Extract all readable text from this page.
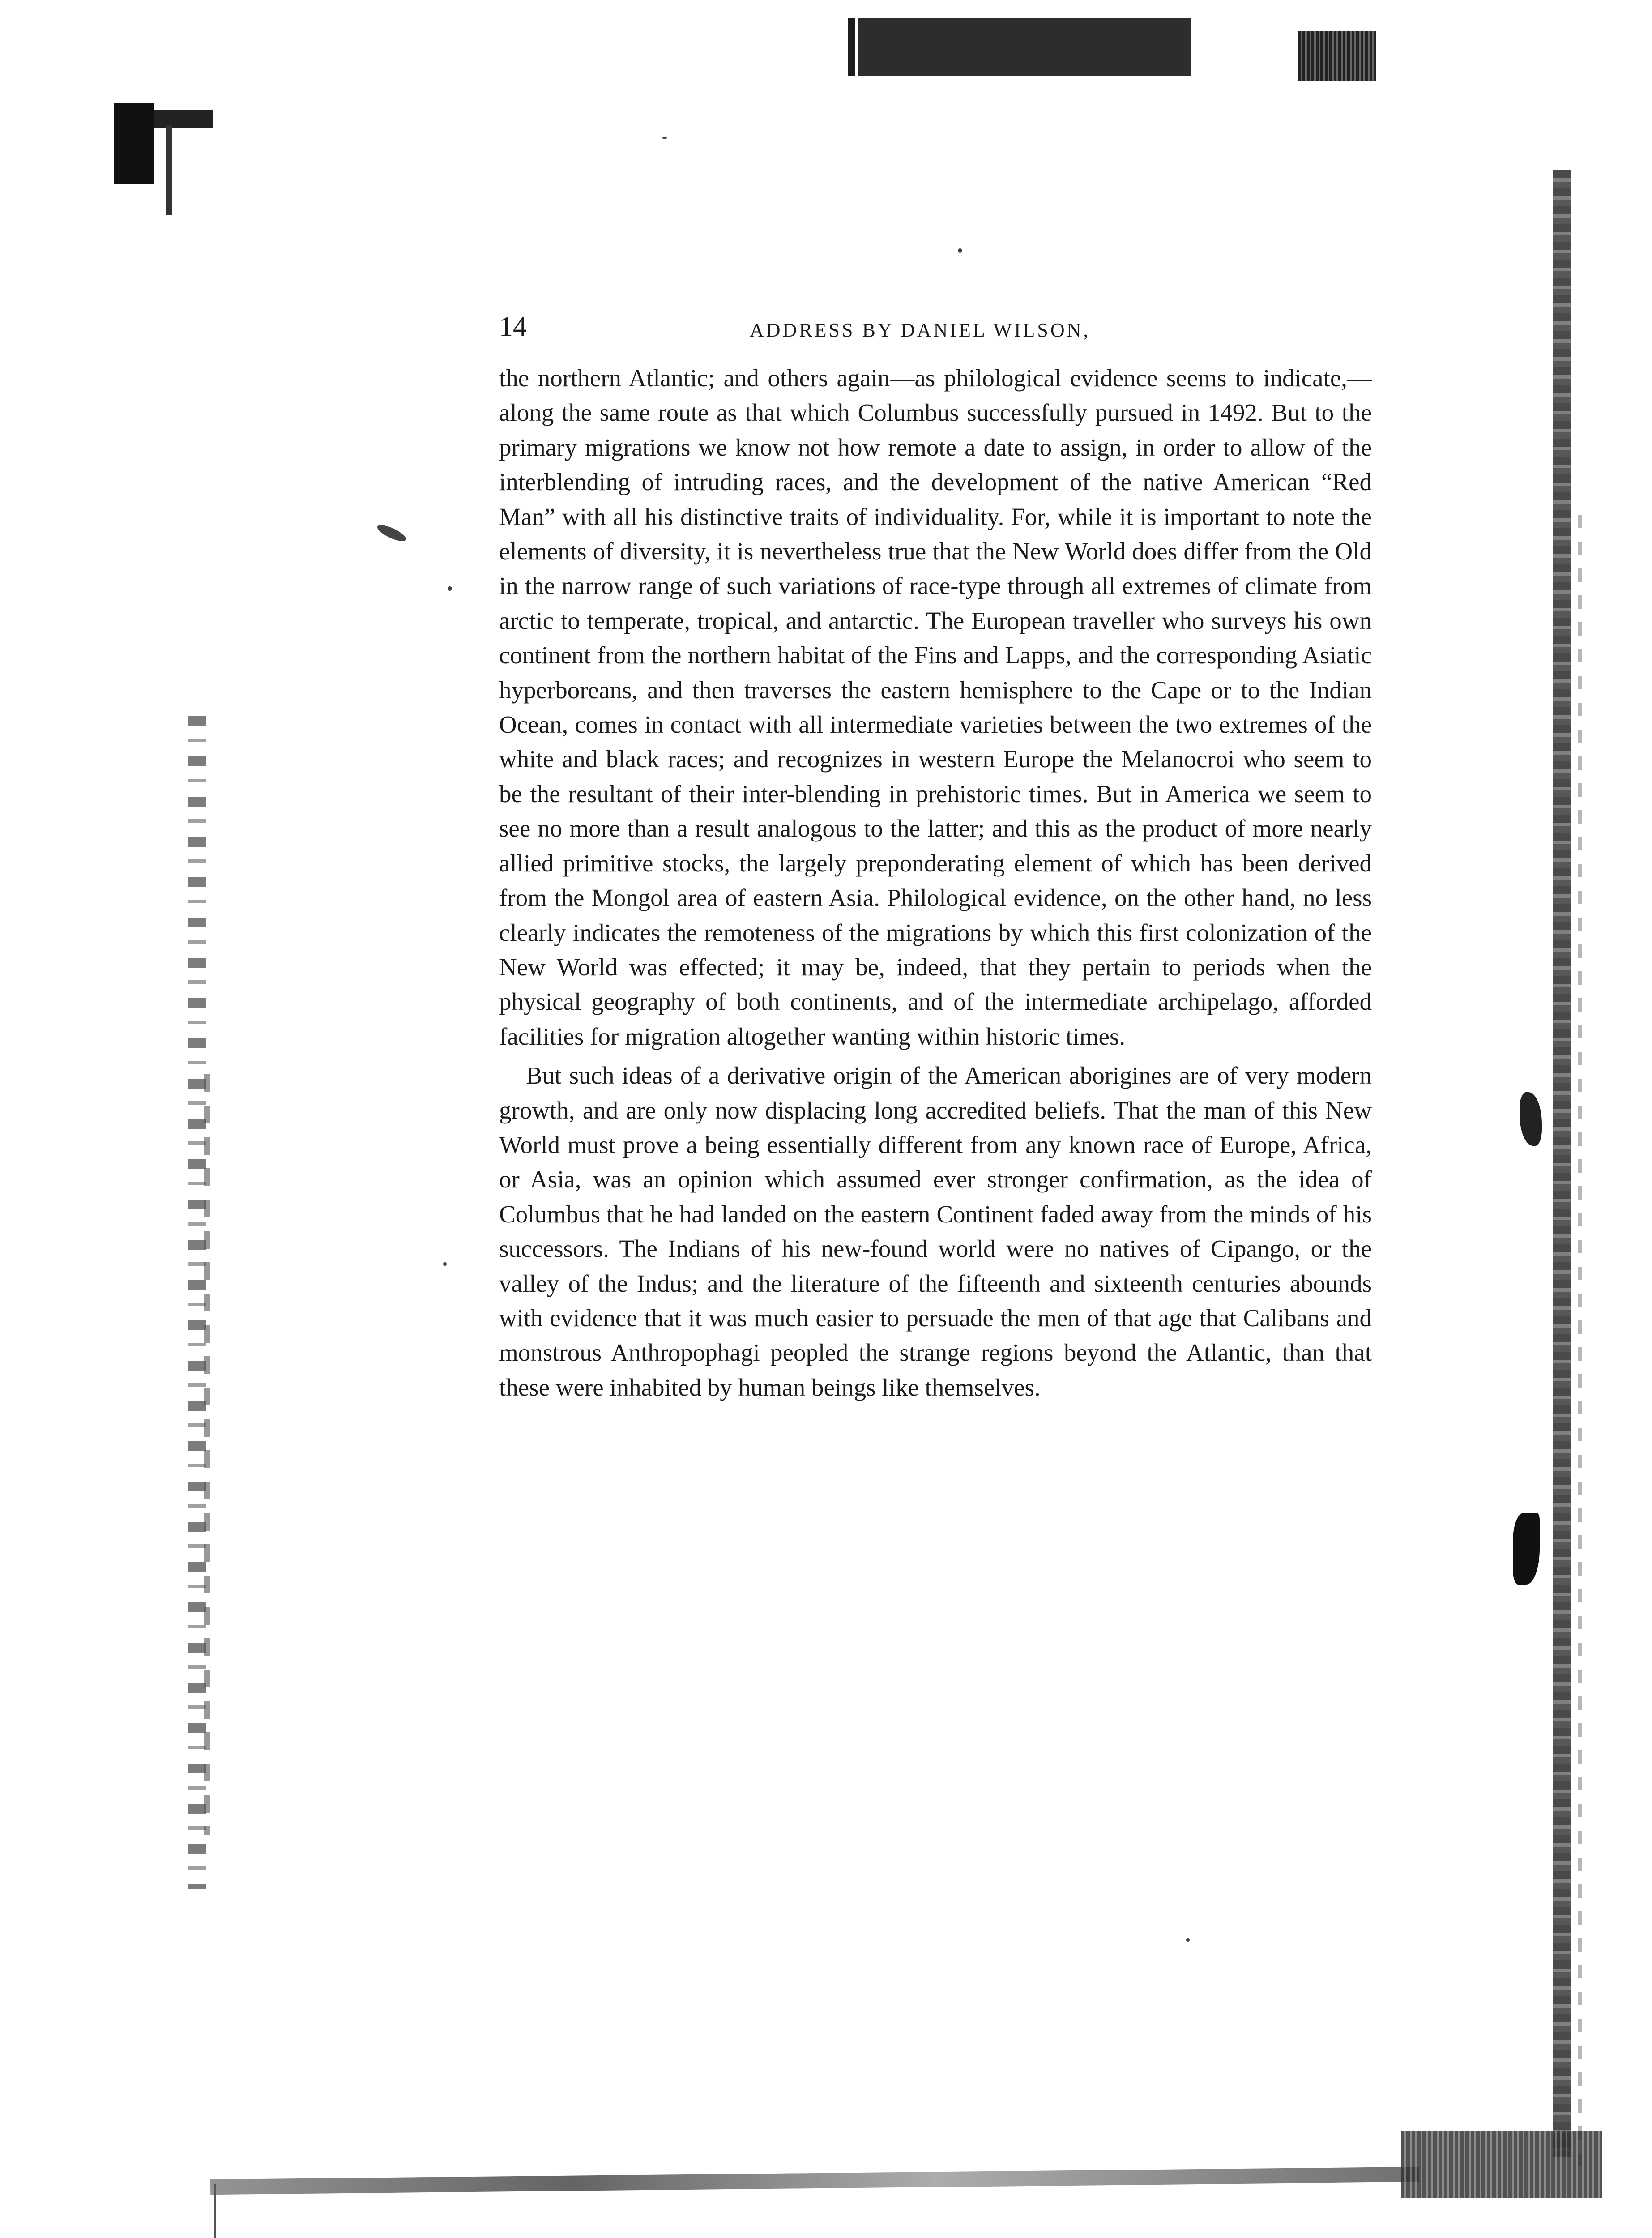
14	ADDRESS BY DANIEL WILSON,

the northern Atlantic; and others again—as philological evidence seems to indicate,—along the same route as that which Columbus successfully pursued in 1492. But to the primary migrations we know not how remote a date to assign, in order to allow of the interblending of intruding races, and the development of the native American “Red Man” with all his distinctive traits of individuality. For, while it is important to note the elements of diversity, it is nevertheless true that the New World does differ from the Old in the narrow range of such variations of race-type through all extremes of climate from arctic to temperate, tropical, and antarctic. The European traveller who surveys his own continent from the northern habitat of the Fins and Lapps, and the corresponding Asiatic hyperboreans, and then traverses the eastern hemisphere to the Cape or to the Indian Ocean, comes in contact with all intermediate varieties between the two extremes of the white and black races; and recognizes in western Europe the Melanocroi who seem to be the resultant of their inter-blending in prehistoric times. But in America we seem to see no more than a result analogous to the latter; and this as the product of more nearly allied primitive stocks, the largely preponderating element of which has been derived from the Mongol area of eastern Asia. Philological evidence, on the other hand, no less clearly indicates the remoteness of the migrations by which this first colonization of the New World was effected; it may be, indeed, that they pertain to periods when the physical geography of both continents, and of the intermediate archipelago, afforded facilities for migration altogether wanting within historic times.

But such ideas of a derivative origin of the American aborigines are of very modern growth, and are only now displacing long accredited beliefs. That the man of this New World must prove a being essentially different from any known race of Europe, Africa, or Asia, was an opinion which assumed ever stronger confirmation, as the idea of Columbus that he had landed on the eastern Continent faded away from the minds of his successors. The Indians of his new-found world were no natives of Cipango, or the valley of the Indus; and the literature of the fifteenth and sixteenth centuries abounds with evidence that it was much easier to persuade the men of that age that Calibans and monstrous Anthropophagi peopled the strange regions beyond the Atlantic, than that these were inhabited by human beings like themselves.
